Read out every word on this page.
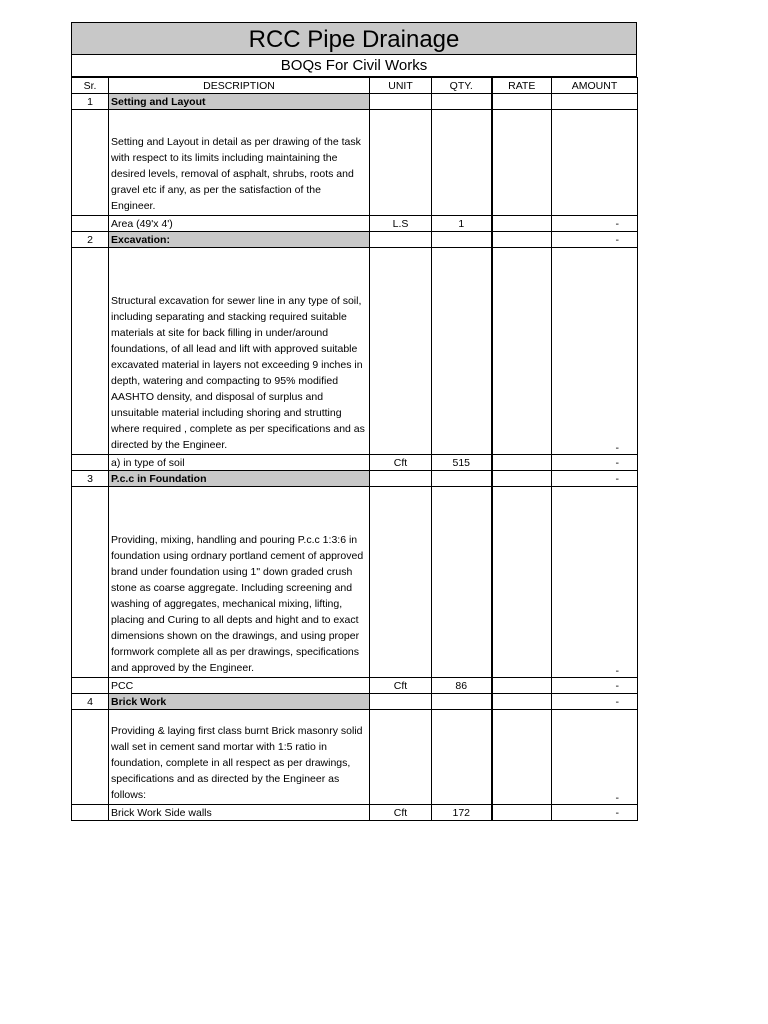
RCC Pipe Drainage
BOQs For Civil Works
Sr.	DESCRIPTION	UNIT	QTY.	RATE	AMOUNT
1	Setting and Layout				
	Setting and Layout in detail as per drawing of the task with respect to its limits including maintaining the desired levels, removal of asphalt, shrubs, roots and gravel etc if any, as per the satisfaction of the Engineer.				
	Area (49'x 4')	L.S	1		-
2	Excavation:				-
	Structural excavation for sewer line in any type of soil, including separating and stacking required suitable materials at site for back filling in under/around foundations, of all lead and lift with approved suitable excavated material in layers not exceeding 9 inches in depth, watering and compacting to 95% modified AASHTO density, and disposal of surplus and unsuitable material including shoring and strutting where required , complete as per specifications and as directed by the Engineer.				-
	a) in type of soil	Cft	515		-
3	P.c.c in Foundation				-
	Providing, mixing, handling and pouring P.c.c 1:3:6 in foundation using ordnary portland cement of approved brand under foundation using 1" down graded crush stone as coarse aggregate. Including screening and washing of aggregates, mechanical mixing, lifting, placing and Curing to all depts and hight and to exact dimensions shown on the drawings, and using proper formwork complete all as per drawings, specifications and approved by the Engineer.				-
	PCC	Cft	86		-
4	Brick Work				-
	Providing & laying first class burnt Brick masonry solid wall set in cement sand mortar with 1:5 ratio in foundation, complete in all respect as per drawings, specifications and as directed by the Engineer as follows:				-
	Brick Work Side walls	Cft	172		-
